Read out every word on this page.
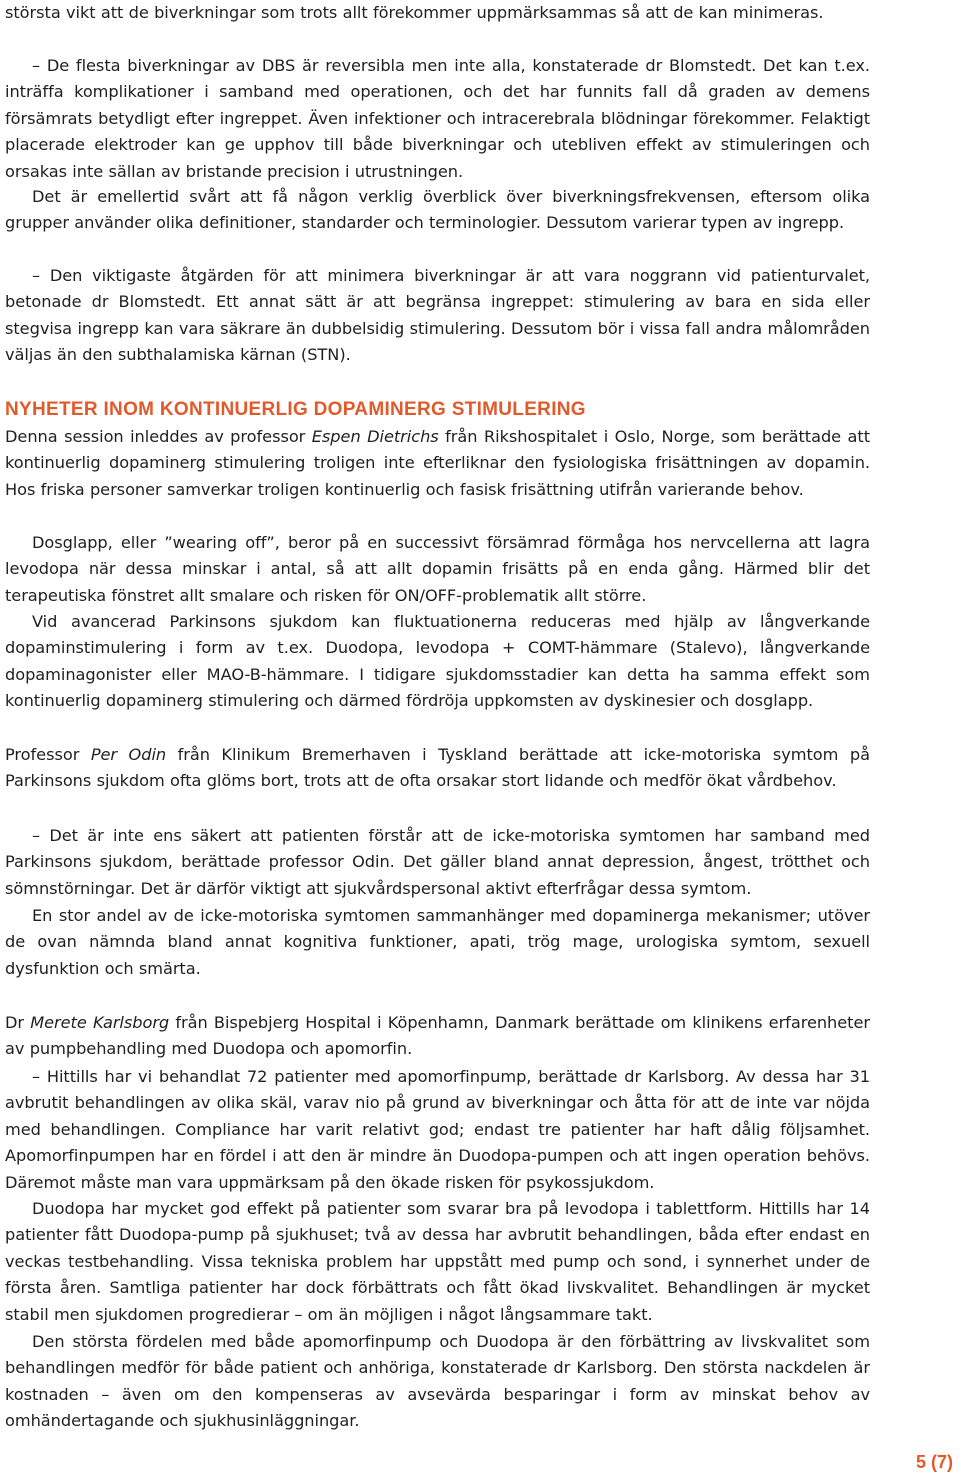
största vikt att de biverkningar som trots allt förekommer uppmärksammas så att de kan minimeras.

– De flesta biverkningar av DBS är reversibla men inte alla, konstaterade dr Blomstedt. Det kan t.ex. inträffa komplikationer i samband med operationen, och det har funnits fall då graden av demens försämrats betydligt efter ingreppet. Även infektioner och intracerebrala blödningar förekommer. Felaktigt placerade elektroder kan ge upphov till både biverkningar och utebliven effekt av stimuleringen och orsakas inte sällan av bristande precision i utrustningen.

Det är emellertid svårt att få någon verklig överblick över biverkningsfrekvensen, eftersom olika grupper använder olika definitioner, standarder och terminologier. Dessutom varierar typen av ingrepp.

– Den viktigaste åtgärden för att minimera biverkningar är att vara noggrann vid patienturvalet, betonade dr Blomstedt. Ett annat sätt är att begränsa ingreppet: stimulering av bara en sida eller stegvisa ingrepp kan vara säkrare än dubbelsidig stimulering. Dessutom bör i vissa fall andra målområden väljas än den subthalamiska kärnan (STN).

NYHETER INOM KONTINUERLIG DOPAMINERG STIMULERING

Denna session inleddes av professor Espen Dietrichs från Rikshospitalet i Oslo, Norge, som berättade att kontinuerlig dopaminerg stimulering troligen inte efterliknar den fysiologiska frisättningen av dopamin. Hos friska personer samverkar troligen kontinuerlig och fasisk frisättning utifrån varierande behov.

Dosglapp, eller ”wearing off”, beror på en successivt försämrad förmåga hos nervcellerna att lagra levodopa när dessa minskar i antal, så att allt dopamin frisätts på en enda gång. Härmed blir det terapeutiska fönstret allt smalare och risken för ON/OFF-problematik allt större.

Vid avancerad Parkinsons sjukdom kan fluktuationerna reduceras med hjälp av långverkande dopaminstimulering i form av t.ex. Duodopa, levodopa + COMT-hämmare (Stalevo), långverkande dopaminagonister eller MAO-B-hämmare. I tidigare sjukdomsstadier kan detta ha samma effekt som kontinuerlig dopaminerg stimulering och därmed fördröja uppkomsten av dyskinesier och dosglapp.

Professor Per Odin från Klinikum Bremerhaven i Tyskland berättade att icke-motoriska symtom på Parkinsons sjukdom ofta glöms bort, trots att de ofta orsakar stort lidande och medför ökat vårdbehov.

– Det är inte ens säkert att patienten förstår att de icke-motoriska symtomen har samband med Parkinsons sjukdom, berättade professor Odin. Det gäller bland annat depression, ångest, trötthet och sömnstörningar. Det är därför viktigt att sjukvårdspersonal aktivt efterfrågar dessa symtom.

En stor andel av de icke-motoriska symtomen sammanhänger med dopaminerga mekanismer; utöver de ovan nämnda bland annat kognitiva funktioner, apati, trög mage, urologiska symtom, sexuell dysfunktion och smärta.

Dr Merete Karlsborg från Bispebjerg Hospital i Köpenhamn, Danmark berättade om klinikens erfarenheter av pumpbehandling med Duodopa och apomorfin.

– Hittills har vi behandlat 72 patienter med apomorfinpump, berättade dr Karlsborg. Av dessa har 31 avbrutit behandlingen av olika skäl, varav nio på grund av biverkningar och åtta för att de inte var nöjda med behandlingen. Compliance har varit relativt god; endast tre patienter har haft dålig följsamhet. Apomorfinpumpen har en fördel i att den är mindre än Duodopa-pumpen och att ingen operation behövs. Däremot måste man vara uppmärksam på den ökade risken för psykossjukdom.

Duodopa har mycket god effekt på patienter som svarar bra på levodopa i tablettform. Hittills har 14 patienter fått Duodopa-pump på sjukhuset; två av dessa har avbrutit behandlingen, båda efter endast en veckas testbehandling. Vissa tekniska problem har uppstått med pump och sond, i synnerhet under de första åren. Samtliga patienter har dock förbättrats och fått ökad livskvalitet. Behandlingen är mycket stabil men sjukdomen progredierar – om än möjligen i något långsammare takt.

Den största fördelen med både apomorfinpump och Duodopa är den förbättring av livskvalitet som behandlingen medför för både patient och anhöriga, konstaterade dr Karlsborg. Den största nackdelen är kostnaden – även om den kompenseras av avsevärda besparingar i form av minskat behov av omhändertagande och sjukhusinläggningar.

5 (7)
